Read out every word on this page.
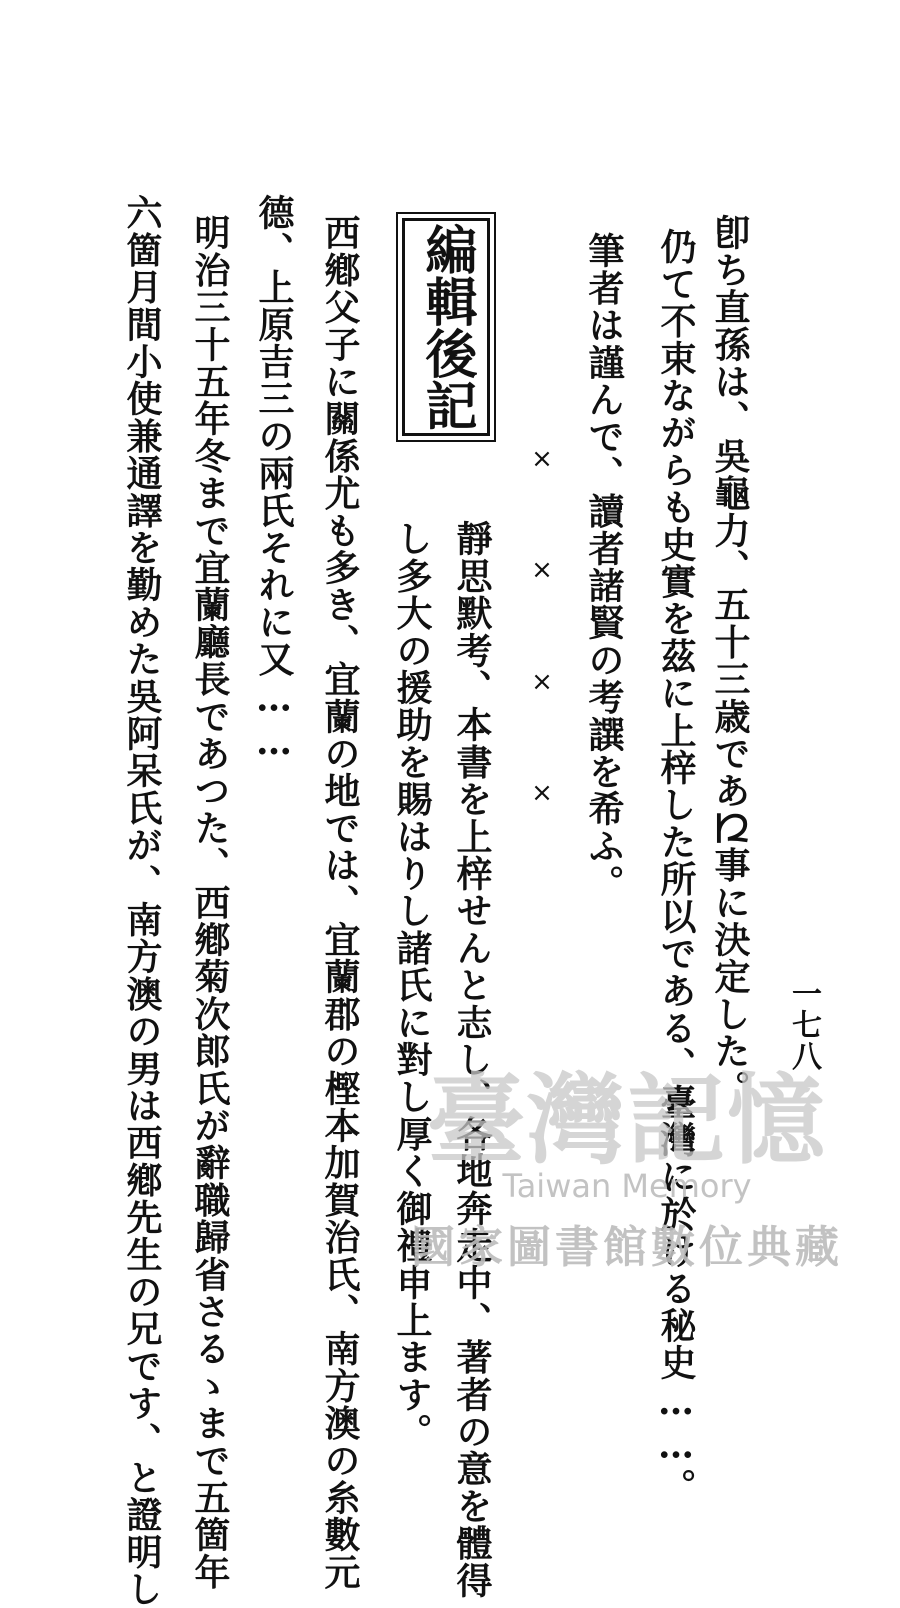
一七八
卽ち直孫は、吳龜力、五十三歳であ𛀁事に決定した。
仍て不束ながらも史實を茲に上梓した所以である、臺灣に於ける秘史……。
筆者は謹んで、讀者諸賢の考譔を希ふ。
×
×
×
×
靜思默考、本書を上梓せんと志し、各地奔走中、著者の意を體得
し多大の援助を賜はりし諸氏に對し厚く御禮申上ます。
編輯後記
西鄕父子に關係尤も多き、宜蘭の地では、宜蘭郡の樫本加賀治氏、南方澳の糸數元
德、上原吉三の兩氏それに又……
明治三十五年冬まで宜蘭廳長であつた、西鄕菊次郎氏が辭職歸省さるゝまで五箇年
六箇月間小使兼通譯を勤めた吳阿呆氏が、南方澳の男は西鄕先生の兄です、と證明し	臺灣記憶
Taiwan Memory
國家圖書館數位典藏
